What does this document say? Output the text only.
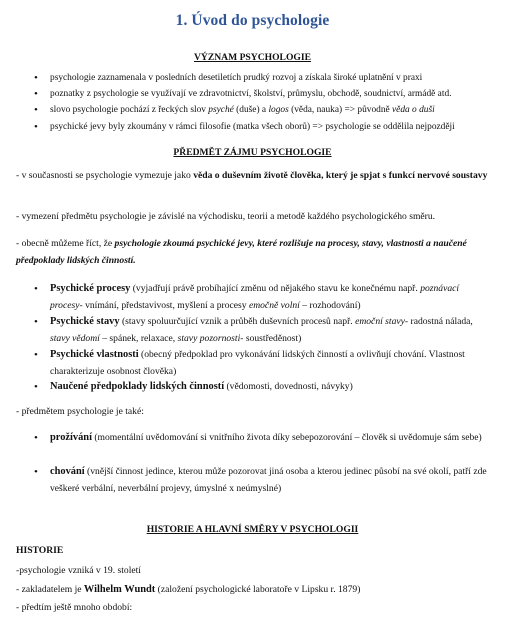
1. Úvod do psychologie
VÝZNAM PSYCHOLOGIE
• psychologie zaznamenala v posledních desetiletích prudký rozvoj a získala široké uplatnění v praxi
• poznatky z psychologie se využívají ve zdravotnictví, školství, průmyslu, obchodě, soudnictví, armádě atd.
• slovo psychologie pochází z řeckých slov psyché (duše) a logos (věda, nauka) => původně věda o duši
• psychické jevy byly zkoumány v rámci filosofie (matka všech oborů) => psychologie se oddělila nejpozději
PŘEDMĚT ZÁJMU PSYCHOLOGIE
- v současnosti se psychologie vymezuje jako věda o duševním životě člověka, který je spjat s funkcí nervové soustavy
- vymezení předmětu psychologie je závislé na východisku, teorii a metodě každého psychologického směru.
- obecně můžeme říct, že psychologie zkoumá psychické jevy, které rozlišuje na procesy, stavy, vlastnosti a naučené předpoklady lidských činností.
• Psychické procesy (vyjadřují právě probíhající změnu od nějakého stavu ke konečnému např. poznávací procesy- vnímání, představivost, myšlení a procesy emočně volní – rozhodování)
• Psychické stavy (stavy spoluurčující vznik a průběh duševních procesů např. emoční stavy- radostná nálada, stavy vědomí – spánek, relaxace, stavy pozornosti- soustředěnost)
• Psychické vlastnosti (obecný předpoklad pro vykonávání lidských činností a ovlivňují chování. Vlastnost charakterizuje osobnost člověka)
• Naučené předpoklady lidských činností (vědomosti, dovednosti, návyky)
- předmětem psychologie je také:
• prožívání (momentální uvědomování si vnitřního života díky sebepozorování – člověk si uvědomuje sám sebe)
• chování (vnější činnost jedince, kterou může pozorovat jiná osoba a kterou jedinec působí na své okolí, patří zde veškeré verbální, neverbální projevy, úmyslné x neúmyslné)
HISTORIE A HLAVNÍ SMĚRY V PSYCHOLOGII
HISTORIE
-psychologie vzniká v 19. století
- zakladatelem je Wilhelm Wundt (založení psychologické laboratoře v Lipsku r. 1879)
- předtím ještě mnoho období:
